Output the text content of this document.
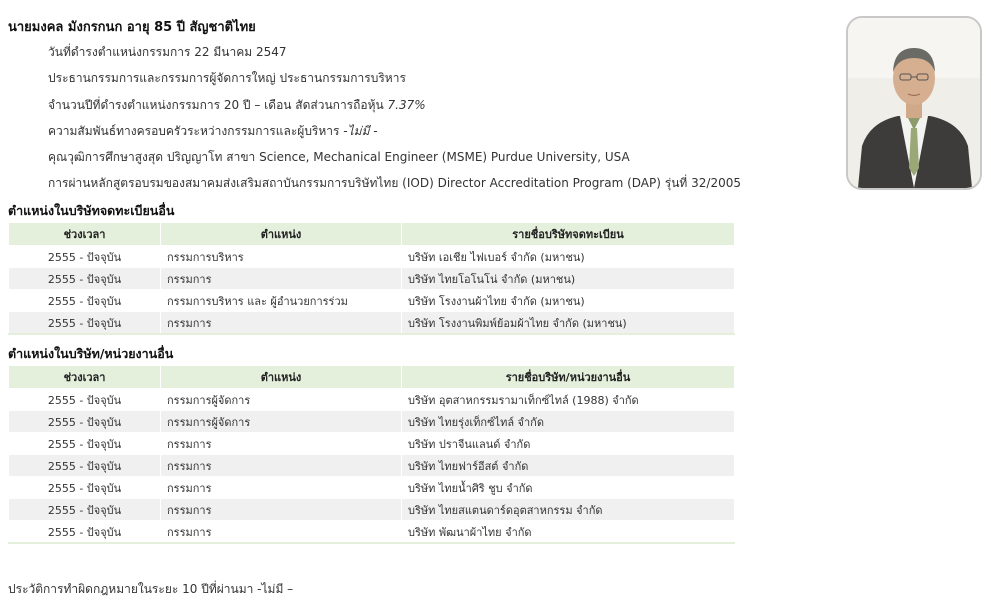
นายมงคล มังกรกนก อายุ 85 ปี สัญชาติไทย
วันที่ดำรงตำแหน่งกรรมการ 22 มีนาคม 2547
ประธานกรรมการและกรรมการผู้จัดการใหญ่ ประธานกรรมการบริหาร
จำนวนปีที่ดำรงตำแหน่งกรรมการ 20 ปี – เดือน สัดส่วนการถือหุ้น 7.37%
ความสัมพันธ์ทางครอบครัวระหว่างกรรมการและผู้บริหาร -ไม่มี -
คุณวุฒิการศึกษาสูงสุด ปริญญาโท สาขา Science, Mechanical Engineer (MSME) Purdue University, USA
การผ่านหลักสูตรอบรมของสมาคมส่งเสริมสถาบันกรรมการบริษัทไทย (IOD) Director Accreditation Program (DAP) รุ่นที่ 32/2005
ตำแหน่งในบริษัทจดทะเบียนอื่น
ช่วงเวลา	ตำแหน่ง	รายชื่อบริษัทจดทะเบียน
2555 - ปัจจุบัน	กรรมการบริหาร	บริษัท เอเชีย ไฟเบอร์ จำกัด (มหาชน)
2555 - ปัจจุบัน	กรรมการ	บริษัท ไทยโอโนโน่ จำกัด (มหาชน)
2555 - ปัจจุบัน	กรรมการบริหาร และ ผู้อำนวยการร่วม	บริษัท โรงงานผ้าไทย จำกัด (มหาชน)
2555 - ปัจจุบัน	กรรมการ	บริษัท โรงงานพิมพ์ย้อมผ้าไทย จำกัด (มหาชน)
ตำแหน่งในบริษัท/หน่วยงานอื่น
ช่วงเวลา	ตำแหน่ง	รายชื่อบริษัท/หน่วยงานอื่น
2555 - ปัจจุบัน	กรรมการผู้จัดการ	บริษัท อุตสาหกรรมรามาเท็กซ์ไทล์ (1988) จำกัด
2555 - ปัจจุบัน	กรรมการผู้จัดการ	บริษัท ไทยรุ่งเท็กซ์ไทล์ จำกัด
2555 - ปัจจุบัน	กรรมการ	บริษัท ปราจีนแลนด์ จำกัด
2555 - ปัจจุบัน	กรรมการ	บริษัท ไทยฟาร์อีสต์ จำกัด
2555 - ปัจจุบัน	กรรมการ	บริษัท ไทยน้ำศิริ ชูบ จำกัด
2555 - ปัจจุบัน	กรรมการ	บริษัท ไทยสแตนดาร์ดอุตสาหกรรม จำกัด
2555 - ปัจจุบัน	กรรมการ	บริษัท พัฒนาผ้าไทย จำกัด
ประวัติการทำผิดกฎหมายในระยะ 10 ปีที่ผ่านมา -ไม่มี –
